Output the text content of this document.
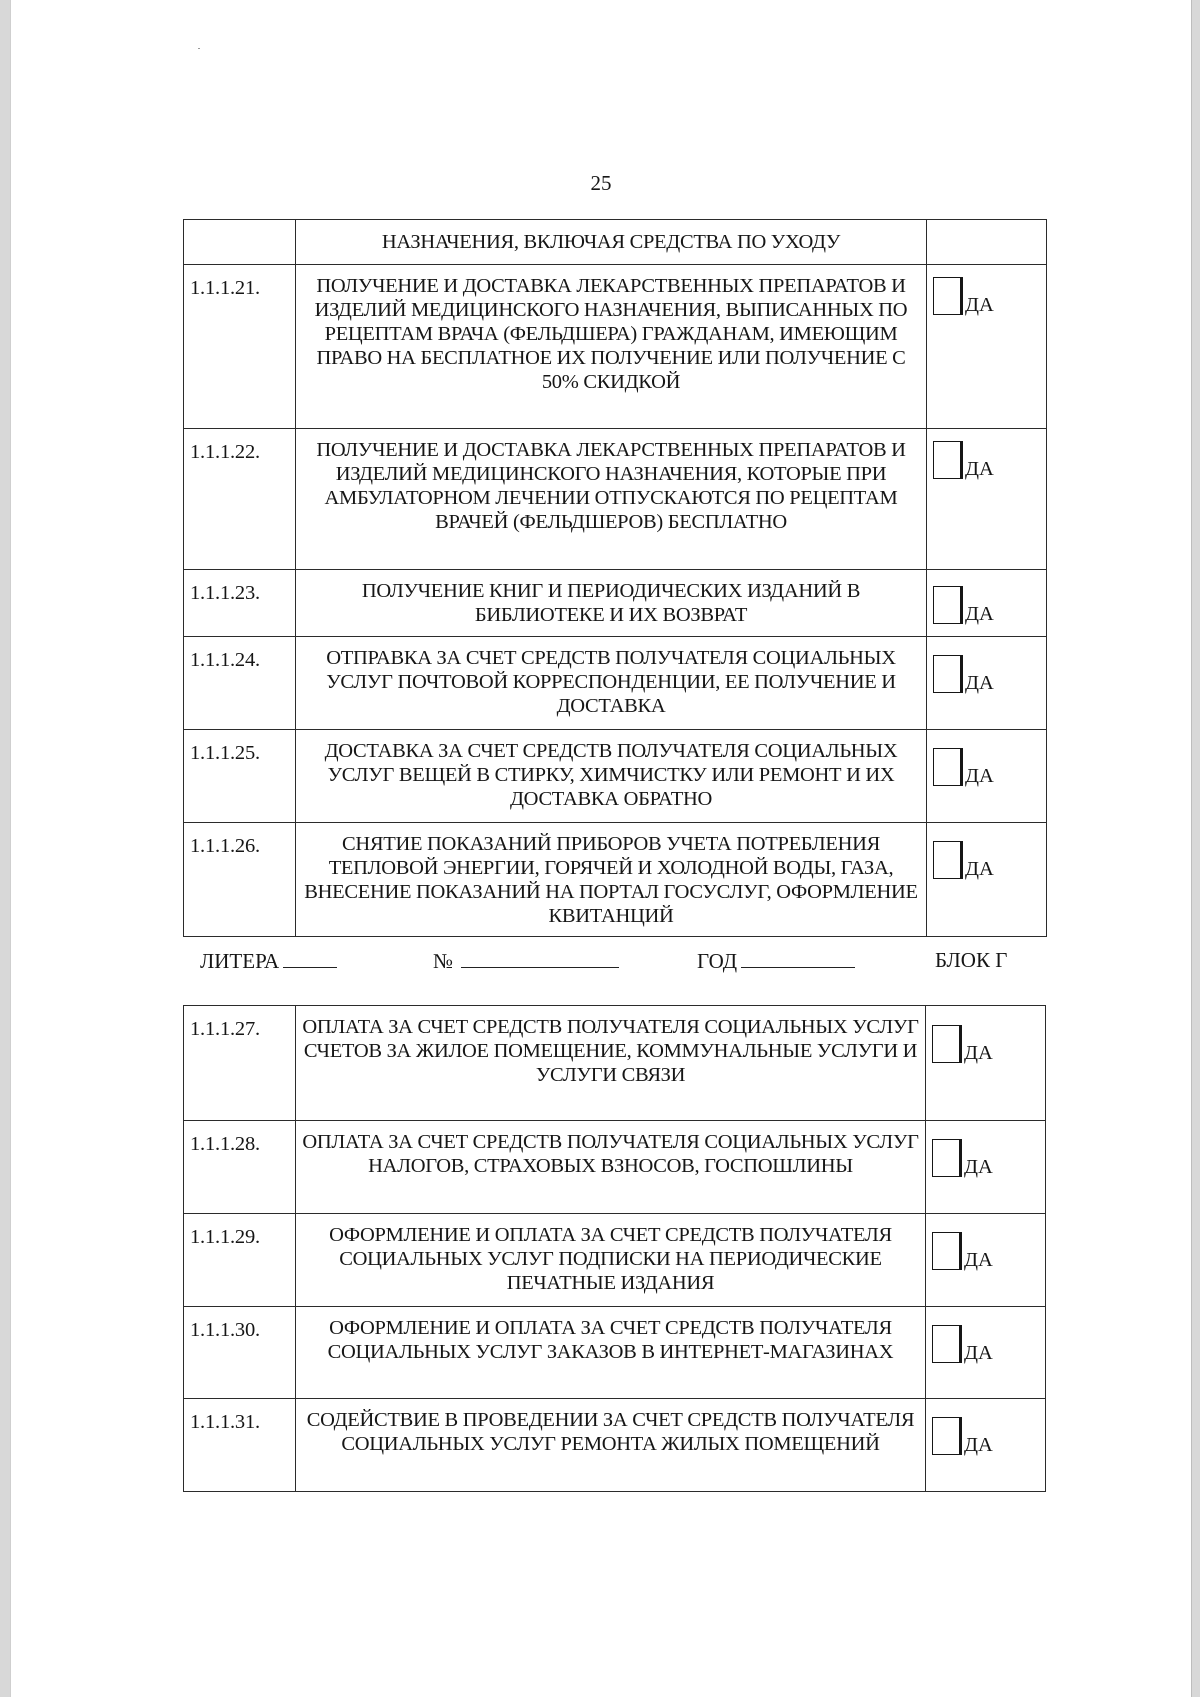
25
	НАЗНАЧЕНИЯ, ВКЛЮЧАЯ СРЕДСТВА ПО УХОДУ	
1.1.1.21.	ПОЛУЧЕНИЕ И ДОСТАВКА ЛЕКАРСТВЕННЫХ ПРЕПАРАТОВ И ИЗДЕЛИЙ МЕДИЦИНСКОГО НАЗНАЧЕНИЯ, ВЫПИСАННЫХ ПО РЕЦЕПТАМ ВРАЧА (ФЕЛЬДШЕРА) ГРАЖДАНАМ, ИМЕЮЩИМ ПРАВО НА БЕСПЛАТНОЕ ИХ ПОЛУЧЕНИЕ ИЛИ ПОЛУЧЕНИЕ С 50% СКИДКОЙ	ДА

1.1.1.22.	ПОЛУЧЕНИЕ И ДОСТАВКА ЛЕКАРСТВЕННЫХ ПРЕПАРАТОВ И ИЗДЕЛИЙ МЕДИЦИНСКОГО НАЗНАЧЕНИЯ, КОТОРЫЕ ПРИ АМБУЛАТОРНОМ ЛЕЧЕНИИ ОТПУСКАЮТСЯ ПО РЕЦЕПТАМ ВРАЧЕЙ (ФЕЛЬДШЕРОВ) БЕСПЛАТНО	ДА

1.1.1.23.	ПОЛУЧЕНИЕ КНИГ И ПЕРИОДИЧЕСКИХ ИЗДАНИЙ В БИБЛИОТЕКЕ И ИХ ВОЗВРАТ	ДА

1.1.1.24.	ОТПРАВКА ЗА СЧЕТ СРЕДСТВ ПОЛУЧАТЕЛЯ СОЦИАЛЬНЫХ УСЛУГ ПОЧТОВОЙ КОРРЕСПОНДЕНЦИИ, ЕЕ ПОЛУЧЕНИЕ И ДОСТАВКА	ДА

1.1.1.25.	ДОСТАВКА ЗА СЧЕТ СРЕДСТВ ПОЛУЧАТЕЛЯ СОЦИАЛЬНЫХ УСЛУГ ВЕЩЕЙ В СТИРКУ, ХИМЧИСТКУ ИЛИ РЕМОНТ И ИХ ДОСТАВКА ОБРАТНО	ДА

1.1.1.26.	СНЯТИЕ ПОКАЗАНИЙ ПРИБОРОВ УЧЕТА ПОТРЕБЛЕНИЯ ТЕПЛОВОЙ ЭНЕРГИИ, ГОРЯЧЕЙ И ХОЛОДНОЙ ВОДЫ, ГАЗА, ВНЕСЕНИЕ ПОКАЗАНИЙ НА ПОРТАЛ ГОСУСЛУГ, ОФОРМЛЕНИЕ КВИТАНЦИЙ	ДА
ЛИТЕРА	№	ГОД	БЛОК Г
1.1.1.27.	ОПЛАТА ЗА СЧЕТ СРЕДСТВ ПОЛУЧАТЕЛЯ СОЦИАЛЬНЫХ УСЛУГ СЧЕТОВ ЗА ЖИЛОЕ ПОМЕЩЕНИЕ, КОММУНАЛЬНЫЕ УСЛУГИ И УСЛУГИ СВЯЗИ	ДА

1.1.1.28.	ОПЛАТА ЗА СЧЕТ СРЕДСТВ ПОЛУЧАТЕЛЯ СОЦИАЛЬНЫХ УСЛУГ НАЛОГОВ, СТРАХОВЫХ ВЗНОСОВ, ГОСПОШЛИНЫ	ДА

1.1.1.29.	ОФОРМЛЕНИЕ И ОПЛАТА ЗА СЧЕТ СРЕДСТВ ПОЛУЧАТЕЛЯ СОЦИАЛЬНЫХ УСЛУГ ПОДПИСКИ НА ПЕРИОДИЧЕСКИЕ ПЕЧАТНЫЕ ИЗДАНИЯ	ДА

1.1.1.30.	ОФОРМЛЕНИЕ И ОПЛАТА ЗА СЧЕТ СРЕДСТВ ПОЛУЧАТЕЛЯ СОЦИАЛЬНЫХ УСЛУГ ЗАКАЗОВ В ИНТЕРНЕТ-МАГАЗИНАХ	ДА

1.1.1.31.	СОДЕЙСТВИЕ В ПРОВЕДЕНИИ ЗА СЧЕТ СРЕДСТВ ПОЛУЧАТЕЛЯ СОЦИАЛЬНЫХ УСЛУГ РЕМОНТА ЖИЛЫХ ПОМЕЩЕНИЙ	ДА
